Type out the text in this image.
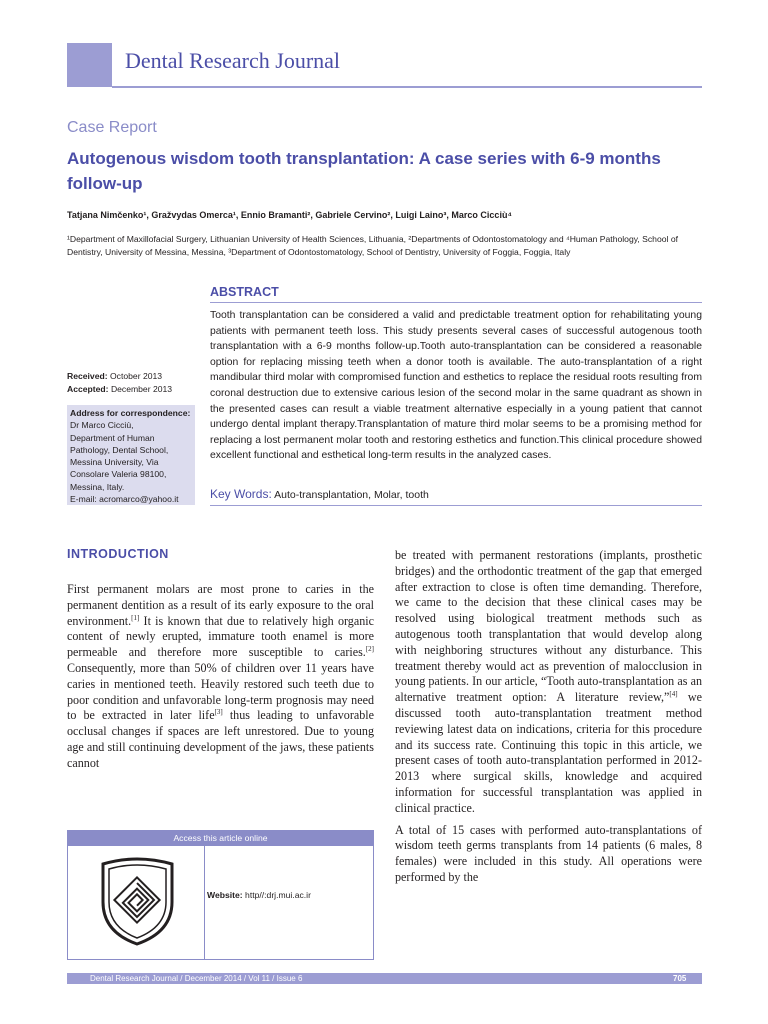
Dental Research Journal
Case Report
Autogenous wisdom tooth transplantation: A case series with 6-9 months follow-up
Tatjana Nimčenko¹, Gražvydas Omerca¹, Ennio Bramanti², Gabriele Cervino², Luigi Laino³, Marco Cicciù⁴

¹Department of Maxillofacial Surgery, Lithuanian University of Health Sciences, Lithuania, ²Departments of Odontostomatology and ⁴Human Pathology, School of Dentistry, University of Messina, Messina, ³Department of Odontostomatology, School of Dentistry, University of Foggia, Foggia, Italy

ABSTRACT

Tooth transplantation can be considered a valid and predictable treatment option for rehabilitating young patients with permanent teeth loss. This study presents several cases of successful autogenous tooth transplantation with a 6-9 months follow-up.Tooth auto-transplantation can be considered a reasonable option for replacing missing teeth when a donor tooth is available. The auto-transplantation of a right mandibular third molar with compromised function and esthetics to replace the residual roots resulting from coronal destruction due to extensive carious lesion of the second molar in the same quadrant as shown in the presented cases can result a viable treatment alternative especially in a young patient that cannot undergo dental implant therapy.Transplantation of mature third molar seems to be a promising method for replacing a lost permanent molar tooth and restoring esthetics and function.This clinical procedure showed excellent functional and esthetical long-term results in the analyzed cases.

Key Words: Auto-transplantation, Molar, tooth
Received: October 2013
Accepted: December 2013
Address for correspondence:
Dr Marco Cicciù,
Department of Human
Pathology, Dental School,
Messina University, Via
Consolare Valeria 98100,
Messina, Italy.
E-mail: acromarco@yahoo.it
INTRODUCTION

First permanent molars are most prone to caries in the permanent dentition as a result of its early exposure to the oral environment.[1] It is known that due to relatively high organic content of newly erupted, immature tooth enamel is more permeable and therefore more susceptible to caries.[2] Consequently, more than 50% of children over 11 years have caries in mentioned teeth. Heavily restored such teeth due to poor condition and unfavorable long-term prognosis may need to be extracted in later life[3] thus leading to unfavorable occlusal changes if spaces are left unrestored. Due to young age and still continuing development of the jaws, these patients cannot

be treated with permanent restorations (implants, prosthetic bridges) and the orthodontic treatment of the gap that emerged after extraction to close is often time demanding. Therefore, we came to the decision that these clinical cases may be resolved using biological treatment methods such as autogenous tooth transplantation that would develop along with neighboring structures without any disturbance. This treatment thereby would act as prevention of malocclusion in young patients. In our article, “Tooth auto-transplantation as an alternative treatment option: A literature review,”[4] we discussed tooth auto-transplantation treatment method reviewing latest data on indications, criteria for this procedure and its success rate. Continuing this topic in this article, we present cases of tooth auto-transplantation performed in 2012-2013 where surgical skills, knowledge and acquired information for successful transplantation was applied in clinical practice.

A total of 15 cases with performed auto-transplantations of wisdom teeth germs transplants from 14 patients (6 males, 8 females) were included in this study. All operations were performed by the

Access this article online
Website: http//:drj.mui.ac.ir
Dental Research Journal / December 2014 / Vol 11 / Issue 6	705
